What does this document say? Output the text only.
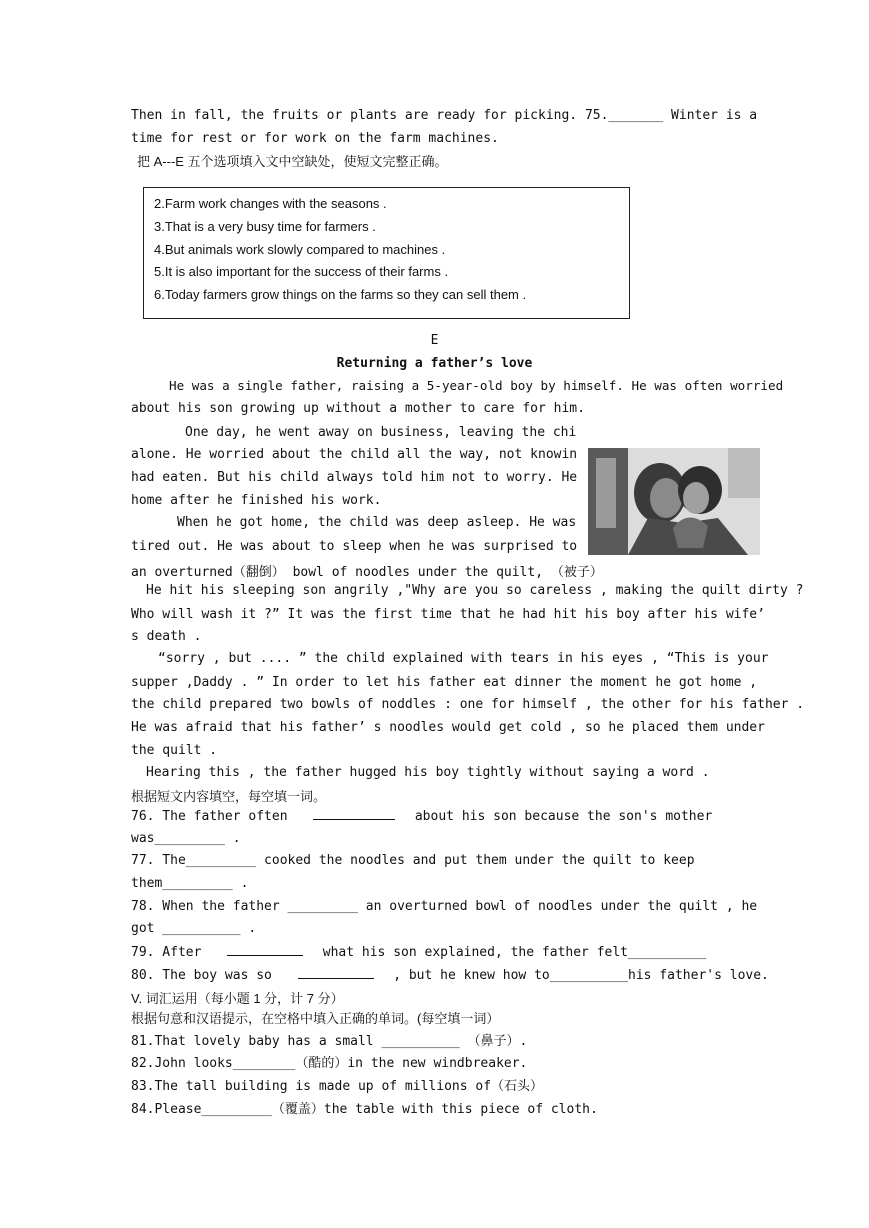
Then in fall, the fruits or plants are ready for picking. 75._______ Winter is a
time for rest or for work on the farm machines.
把 A---E 五个选项填入文中空缺处，使短文完整正确。
2.Farm work changes with the seasons .
3.That is a very busy time for farmers .
4.But animals work slowly compared to machines .
5.It is also important for the success of their farms .
6.Today farmers grow things on the farms so they can sell them .
E
Returning a father’s love
He was a single father, raising a 5-year-old boy by himself. He was often worried
about his son growing up without a mother to care for him.
One day, he went away on business, leaving the chi
alone. He worried about the child all the way, not knowin
had eaten. But his child always told him not to worry. He
home after he finished his work.
When he got home, the child was deep asleep. He was
tired out. He was about to sleep when he was surprised to
an overturned（翻倒） bowl of noodles under the quilt, （被子）
He hit his sleeping son angrily ,"Why are you so careless , making the quilt dirty ?
Who will wash it ?” It was the first time that he had hit his boy after his wife’
s death .
“sorry , but .... ” the child explained with tears in his eyes , “This is your
supper ,Daddy . ” In order to let his father eat dinner the moment he got home ,
the child prepared two bowls of noddles : one for himself , the other for his father .
He was afraid that his father’ s noodles would get cold , so he placed them under
the quilt .
Hearing this , the father hugged his boy tightly without saying a word .
根据短文内容填空，每空填一词。
76. The father often	about his son because the son's mother
was_________ .
77. The_________ cooked the noodles and put them under the quilt to keep
them_________ .
78. When the father _________ an overturned bowl of noodles under the quilt , he
got __________ .
79. After	what his son explained, the father felt__________
80. The boy was so	, but he knew how to__________his father's love.
V. 词汇运用（每小题 1 分，计 7 分）
根据句意和汉语提示，在空格中填入正确的单词。(每空填一词）
81.That lovely baby has a small __________ （鼻子）.
82.John looks________（酷的）in the new windbreaker.
83.The tall building is made up of millions of（石头）
84.Please_________（覆盖）the table with this piece of cloth.
